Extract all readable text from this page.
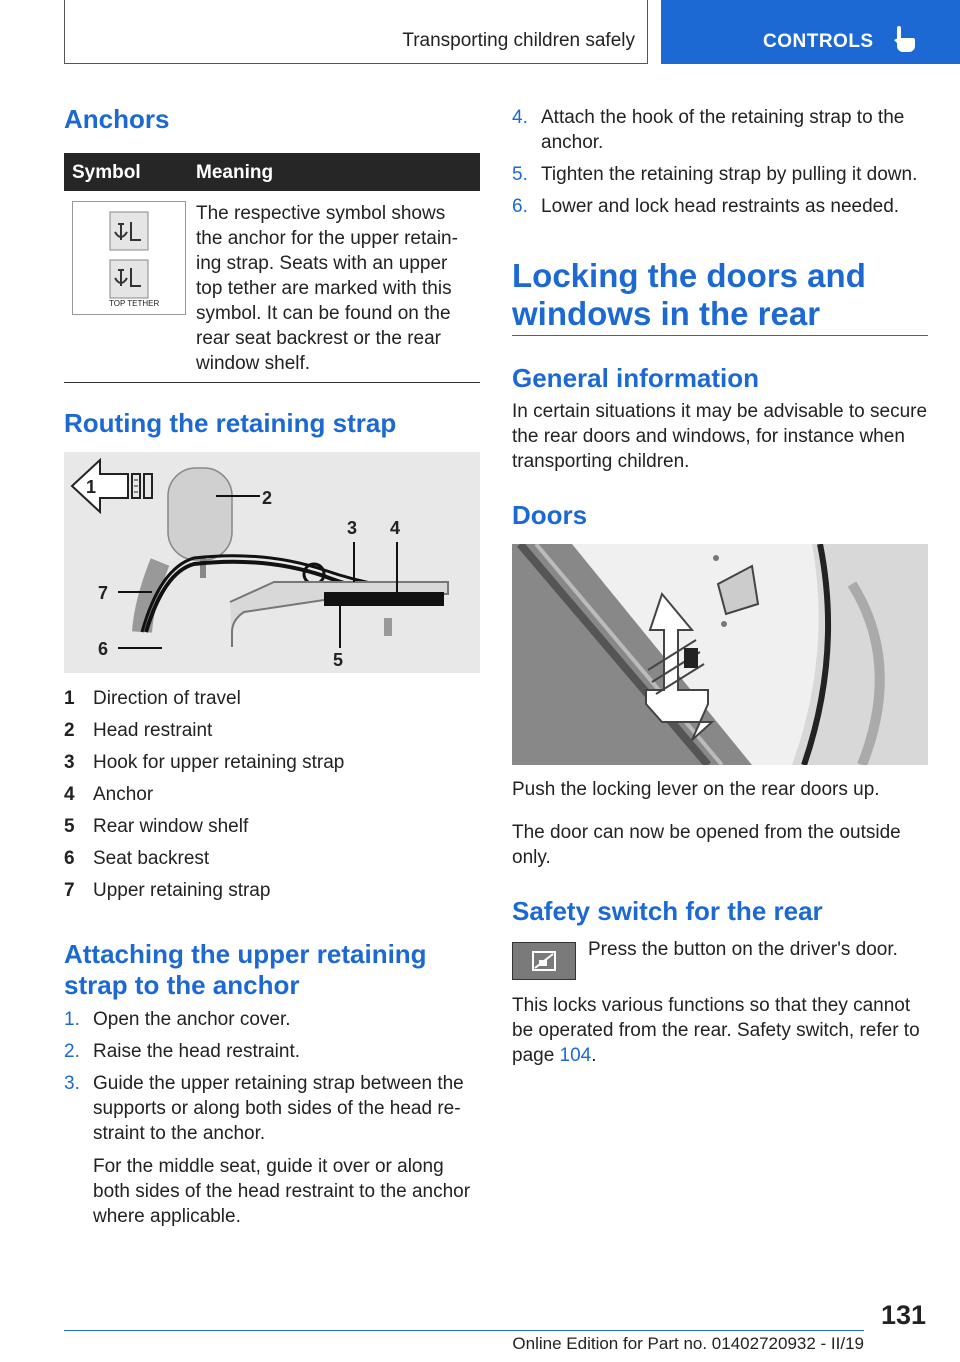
Transporting children safely	CONTROLS
Anchors
Symbol	Meaning
TOP TETHER
The respective symbol shows the anchor for the upper retain-ing strap. Seats with an upper top tether are marked with this symbol. It can be found on the rear seat backrest or the rear window shelf.
Routing the retaining strap
1
2
3 4
5
6
7
1 Direction of travel
2 Head restraint
3 Hook for upper retaining strap
4 Anchor
5 Rear window shelf
6 Seat backrest
7 Upper retaining strap
Attaching the upper retaining
strap to the anchor
1. Open the anchor cover.
2. Raise the head restraint.
3. Guide the upper retaining strap between the supports or along both sides of the head re-straint to the anchor.
For the middle seat, guide it over or along both sides of the head restraint to the anchor where applicable.
4. Attach the hook of the retaining strap to the anchor.
5. Tighten the retaining strap by pulling it down.
6. Lower and lock head restraints as needed.
Locking the doors and
windows in the rear
General information
In certain situations it may be advisable to secure the rear doors and windows, for instance when transporting children.
Doors
Push the locking lever on the rear doors up.
The door can now be opened from the outside only.
Safety switch for the rear
Press the button on the driver's door.
This locks various functions so that they cannot be operated from the rear. Safety switch, refer to page 104.
131
Online Edition for Part no. 01402720932 - II/19
